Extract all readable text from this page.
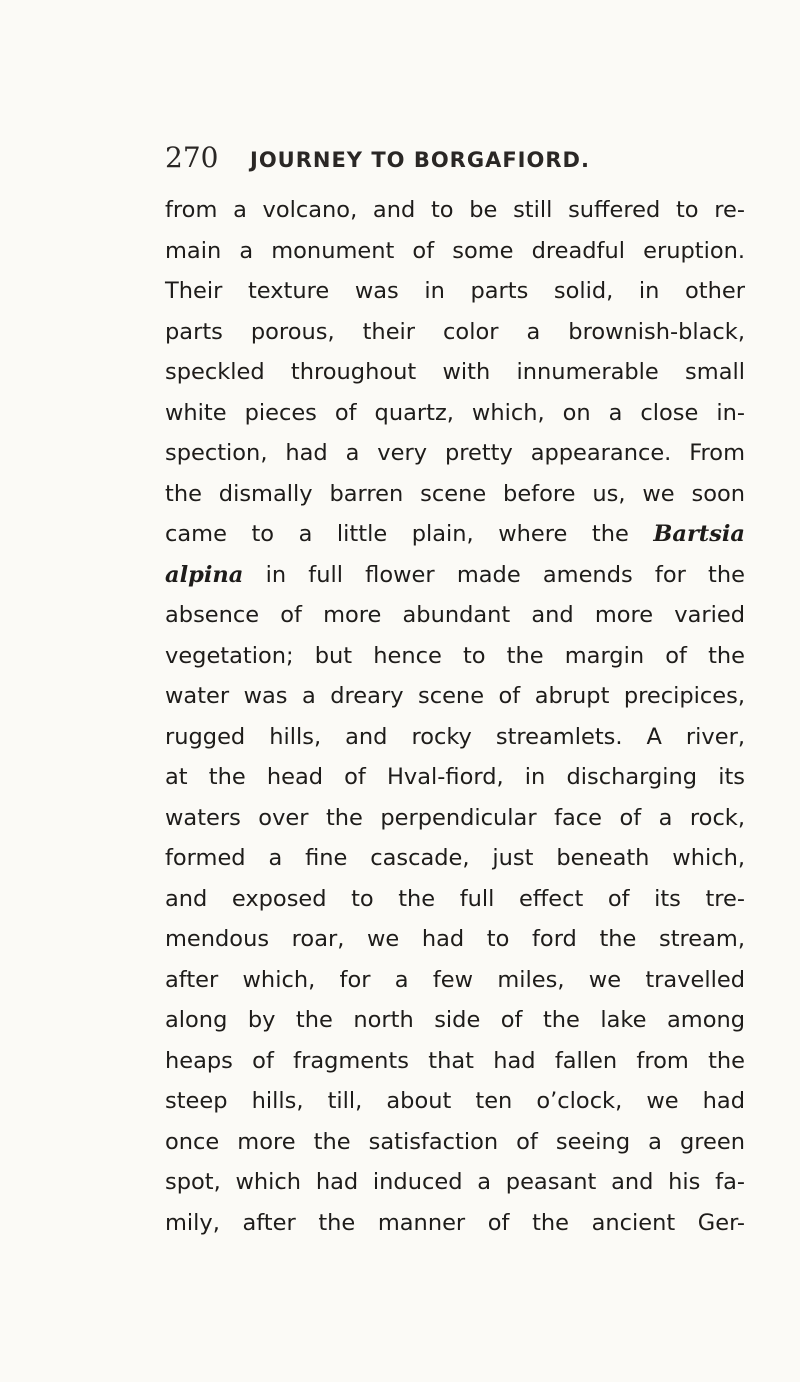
270 JOURNEY TO BORGAFIORD.
from a volcano, and to be still suffered to re-
main a monument of some dreadful eruption.
Their texture was in parts solid, in other
parts porous, their color a brownish-black,
speckled throughout with innumerable small
white pieces of quartz, which, on a close in-
spection, had a very pretty appearance. From
the dismally barren scene before us, we soon
came to a little plain, where the Bartsia
alpina in full flower made amends for the
absence of more abundant and more varied
vegetation; but hence to the margin of the
water was a dreary scene of abrupt precipices,
rugged hills, and rocky streamlets. A river,
at the head of Hval-fiord, in discharging its
waters over the perpendicular face of a rock,
formed a fine cascade, just beneath which,
and exposed to the full effect of its tre-
mendous roar, we had to ford the stream,
after which, for a few miles, we travelled
along by the north side of the lake among
heaps of fragments that had fallen from the
steep hills, till, about ten o’clock, we had
once more the satisfaction of seeing a green
spot, which had induced a peasant and his fa-
mily, after the manner of the ancient Ger-
